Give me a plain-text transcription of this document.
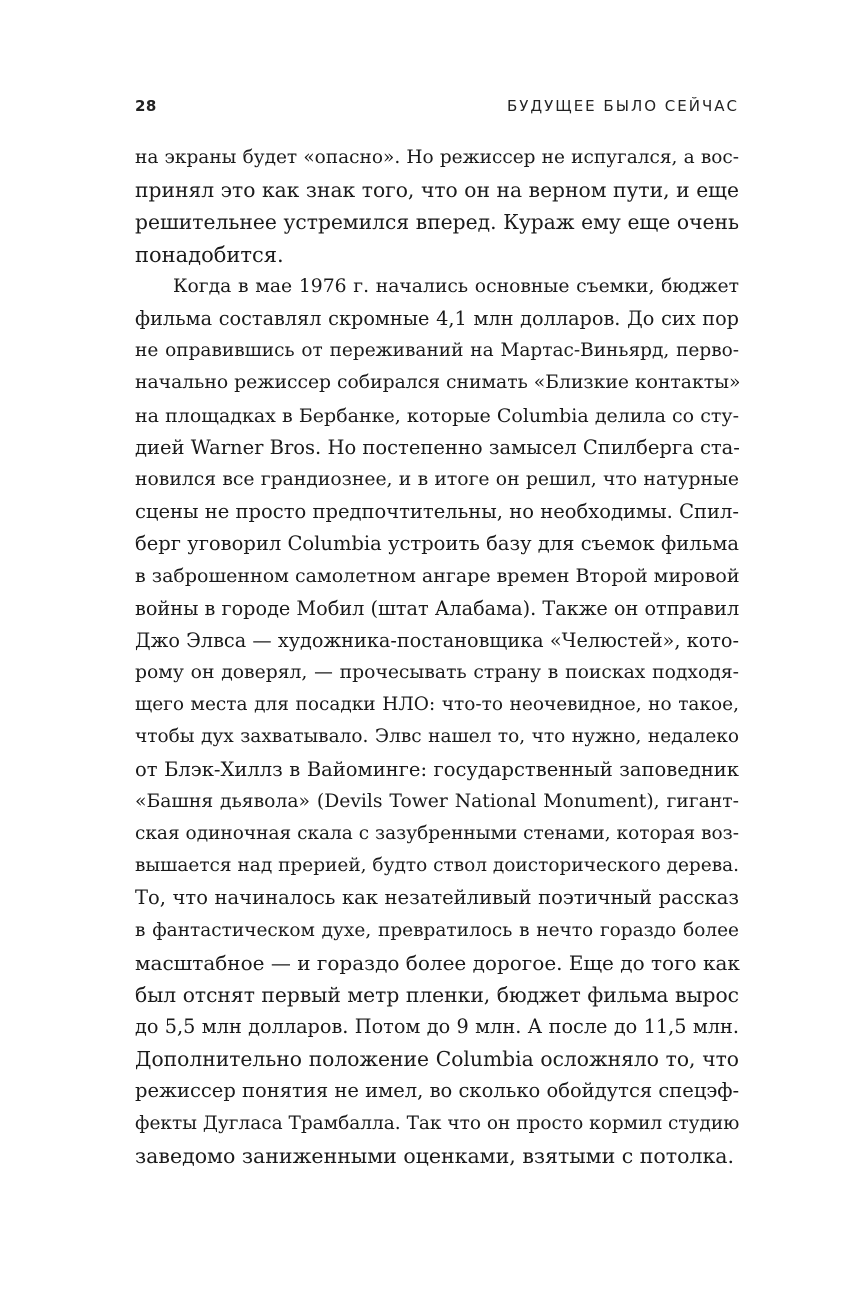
28	БУДУЩЕЕ БЫЛО СЕЙЧАС
на экраны будет «опасно». Но режиссер не испугался, а вос-
принял это как знак того, что он на верном пути, и еще
решительнее устремился вперед. Кураж ему еще очень
понадобится.
Когда в мае 1976 г. начались основные съемки, бюджет
фильма составлял скромные 4,1 млн долларов. До сих пор
не оправившись от переживаний на Мартас-Виньярд, перво-
начально режиссер собирался снимать «Близкие контакты»
на площадках в Бербанке, которые Columbia делила со сту-
дией Warner Bros. Но постепенно замысел Спилберга ста-
новился все грандиознее, и в итоге он решил, что натурные
сцены не просто предпочтительны, но необходимы. Спил-
берг уговорил Columbia устроить базу для съемок фильма
в заброшенном самолетном ангаре времен Второй мировой
войны в городе Мобил (штат Алабама). Также он отправил
Джо Элвса — художника-постановщика «Челюстей», кото-
рому он доверял, — прочесывать страну в поисках подходя-
щего места для посадки НЛО: что-то неочевидное, но такое,
чтобы дух захватывало. Элвс нашел то, что нужно, недалеко
от Блэк-Хиллз в Вайоминге: государственный заповедник
«Башня дьявола» (Devils Tower National Monument), гигант-
ская одиночная скала с зазубренными стенами, которая воз-
вышается над прерией, будто ствол доисторического дерева.
То, что начиналось как незатейливый поэтичный рассказ
в фантастическом духе, превратилось в нечто гораздо более
масштабное — и гораздо более дорогое. Еще до того как
был отснят первый метр пленки, бюджет фильма вырос
до 5,5 млн долларов. Потом до 9 млн. А после до 11,5 млн.
Дополнительно положение Columbia осложняло то, что
режиссер понятия не имел, во сколько обойдутся спецэф-
фекты Дугласа Трамбалла. Так что он просто кормил студию
заведомо заниженными оценками, взятыми с потолка.
